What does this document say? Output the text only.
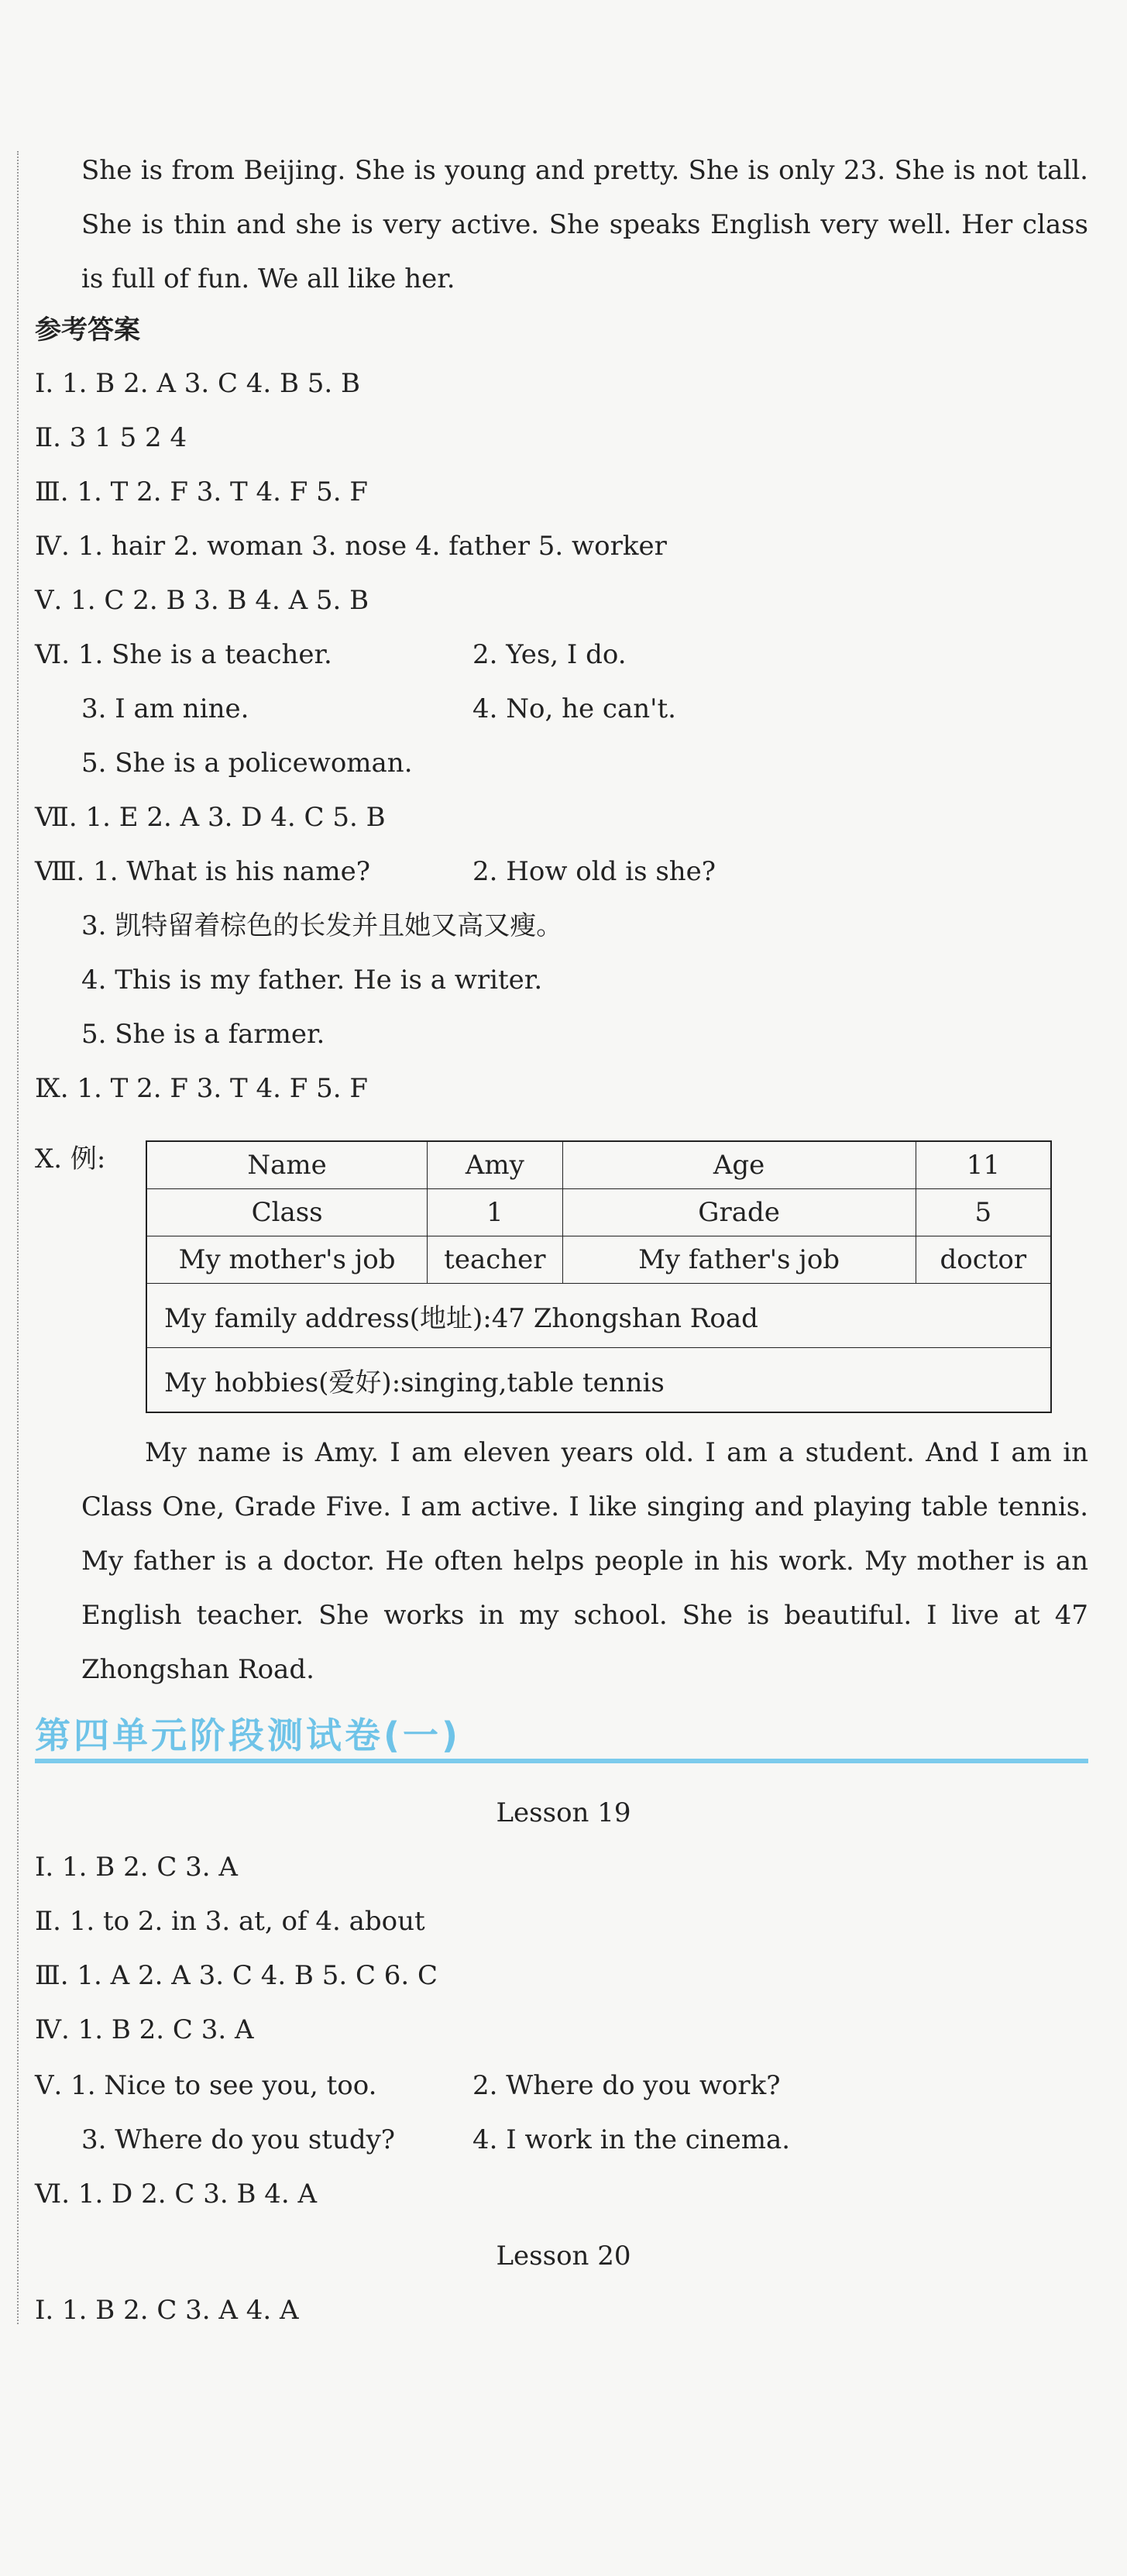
She is from Beijing. She is young and pretty. She is only 23. She is not tall. She is thin and she is very active. She speaks English very well. Her class is full of fun. We all like her.
参考答案
Ⅰ. 1. B 2. A 3. C 4. B 5. B
Ⅱ. 3 1 5 2 4
Ⅲ. 1. T 2. F 3. T 4. F 5. F
Ⅳ. 1. hair 2. woman 3. nose 4. father 5. worker
Ⅴ. 1. C 2. B 3. B 4. A 5. B
Ⅵ. 1. She is a teacher.	2. Yes, I do.
3. I am nine.	4. No, he can't.
5. She is a policewoman.
Ⅶ. 1. E 2. A 3. D 4. C 5. B
Ⅷ. 1. What is his name?	2. How old is she?
3. 凯特留着棕色的长发并且她又高又瘦。
4. This is my father. He is a writer.
5. She is a farmer.
Ⅸ. 1. T 2. F 3. T 4. F 5. F
Ⅹ. 例:	Name	Amy	Age	11
Class	1	Grade	5
My mother's job	teacher	My father's job	doctor
My family address(地址):47 Zhongshan Road			
My hobbies(爱好):singing,table tennis			
My name is Amy. I am eleven years old. I am a student. And I am in Class One, Grade Five. I am active. I like singing and playing table tennis. My father is a doctor. He often helps people in his work. My mother is an English teacher. She works in my school. She is beautiful. I live at 47 Zhongshan Road.
第四单元阶段测试卷(一)
Lesson 19
Ⅰ. 1. B 2. C 3. A
Ⅱ. 1. to 2. in 3. at, of 4. about
Ⅲ. 1. A 2. A 3. C 4. B 5. C 6. C
Ⅳ. 1. B 2. C 3. A
Ⅴ. 1. Nice to see you, too.	2. Where do you work?
3. Where do you study?	4. I work in the cinema.
Ⅵ. 1. D 2. C 3. B 4. A
Lesson 20
Ⅰ. 1. B 2. C 3. A 4. A
